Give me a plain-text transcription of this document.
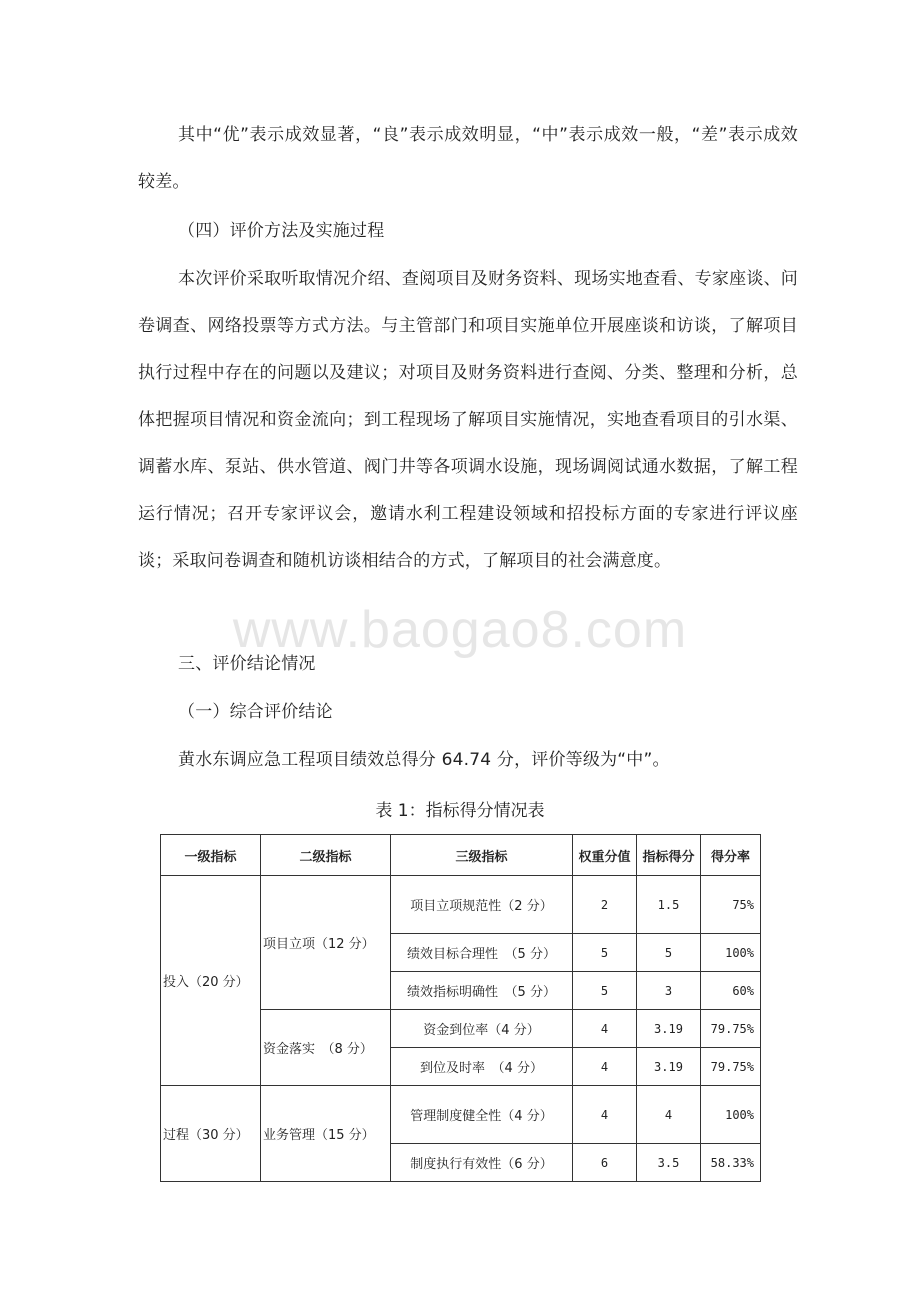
www.baogao8.com

其中“优”表示成效显著，“良”表示成效明显，“中”表示成效一般，“差”表示成效较差。

（四）评价方法及实施过程

本次评价采取听取情况介绍、查阅项目及财务资料、现场实地查看、专家座谈、问卷调查、网络投票等方式方法。与主管部门和项目实施单位开展座谈和访谈，了解项目执行过程中存在的问题以及建议；对项目及财务资料进行查阅、分类、整理和分析，总体把握项目情况和资金流向；到工程现场了解项目实施情况，实地查看项目的引水渠、调蓄水库、泵站、供水管道、阀门井等各项调水设施，现场调阅试通水数据，了解工程运行情况；召开专家评议会，邀请水利工程建设领域和招投标方面的专家进行评议座谈；采取问卷调查和随机访谈相结合的方式，了解项目的社会满意度。

三、评价结论情况

（一）综合评价结论

黄水东调应急工程项目绩效总得分 64.74 分，评价等级为“中”。

表 1：指标得分情况表
一级指标	二级指标	三级指标	权重分值	指标得分	得分率
投入（20 分）	项目立项（12 分）	项目立项规范性（2 分）	2	1.5	75%
		绩效目标合理性　（5 分）	5	5	100%
		绩效指标明确性　（5 分）	5	3	60%
	资金落实　（8 分）	资金到位率（4 分）	4	3.19	79.75%
		到位及时率　（4 分）	4	3.19	79.75%
过程（30 分）	业务管理（15 分）	管理制度健全性（4 分）	4	4	100%
		制度执行有效性（6 分）	6	3.5	58.33%
